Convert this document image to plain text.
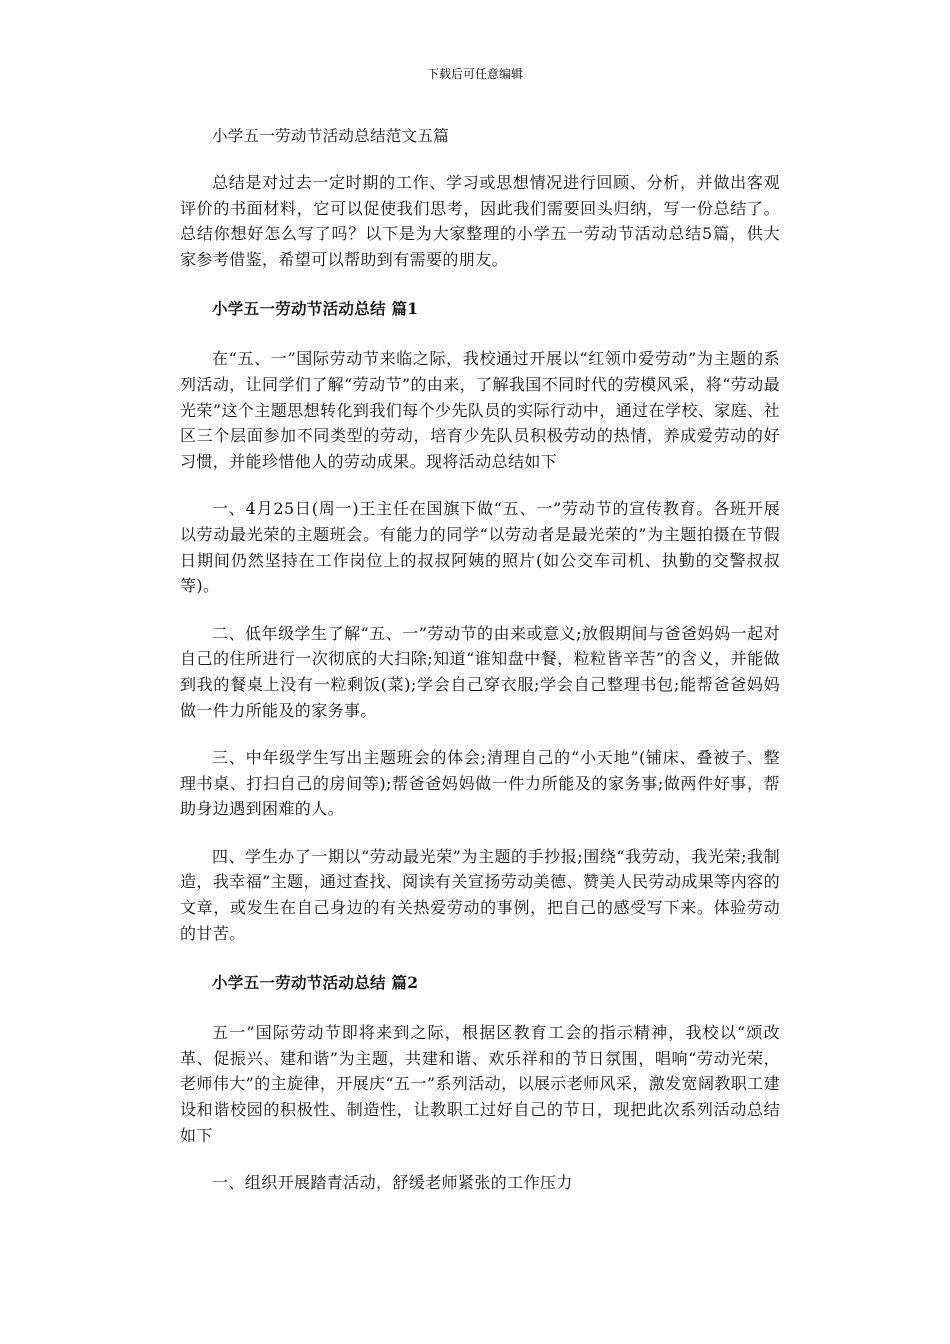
下载后可任意编辑
小学五一劳动节活动总结范文五篇

总结是对过去一定时期的工作、学习或思想情况进行回顾、分析，并做出客观评价的书面材料，它可以促使我们思考，因此我们需要回头归纳，写一份总结了。总结你想好怎么写了吗？以下是为大家整理的小学五一劳动节活动总结5篇，供大家参考借鉴，希望可以帮助到有需要的朋友。

小学五一劳动节活动总结 篇1

在“五、一”国际劳动节来临之际，我校通过开展以“红领巾爱劳动”为主题的系列活动，让同学们了解“劳动节”的由来，了解我国不同时代的劳模风采，将“劳动最光荣”这个主题思想转化到我们每个少先队员的实际行动中，通过在学校、家庭、社区三个层面参加不同类型的劳动，培育少先队员积极劳动的热情，养成爱劳动的好习惯，并能珍惜他人的劳动成果。现将活动总结如下

一、4月25日(周一)王主任在国旗下做“五、一”劳动节的宣传教育。各班开展以劳动最光荣的主题班会。有能力的同学“以劳动者是最光荣的”为主题拍摄在节假日期间仍然坚持在工作岗位上的叔叔阿姨的照片(如公交车司机、执勤的交警叔叔等)。

二、低年级学生了解“五、一”劳动节的由来或意义;放假期间与爸爸妈妈一起对自己的住所进行一次彻底的大扫除;知道“谁知盘中餐，粒粒皆辛苦”的含义，并能做到我的餐桌上没有一粒剩饭(菜);学会自己穿衣服;学会自己整理书包;能帮爸爸妈妈做一件力所能及的家务事。

三、中年级学生写出主题班会的体会;清理自己的“小天地”(铺床、叠被子、整理书桌、打扫自己的房间等);帮爸爸妈妈做一件力所能及的家务事;做两件好事，帮助身边遇到困难的人。

四、学生办了一期以“劳动最光荣”为主题的手抄报;围绕“我劳动，我光荣;我制造，我幸福”主题，通过查找、阅读有关宣扬劳动美德、赞美人民劳动成果等内容的文章，或发生在自己身边的有关热爱劳动的事例，把自己的感受写下来。体验劳动的甘苦。

小学五一劳动节活动总结 篇2

五一”国际劳动节即将来到之际，根据区教育工会的指示精神，我校以“颂改革、促振兴、建和谐”为主题，共建和谐、欢乐祥和的节日氛围，唱响“劳动光荣，老师伟大”的主旋律，开展庆“五一”系列活动，以展示老师风采，激发宽阔教职工建设和谐校园的积极性、制造性，让教职工过好自己的节日，现把此次系列活动总结如下

一、组织开展踏青活动，舒缓老师紧张的工作压力
